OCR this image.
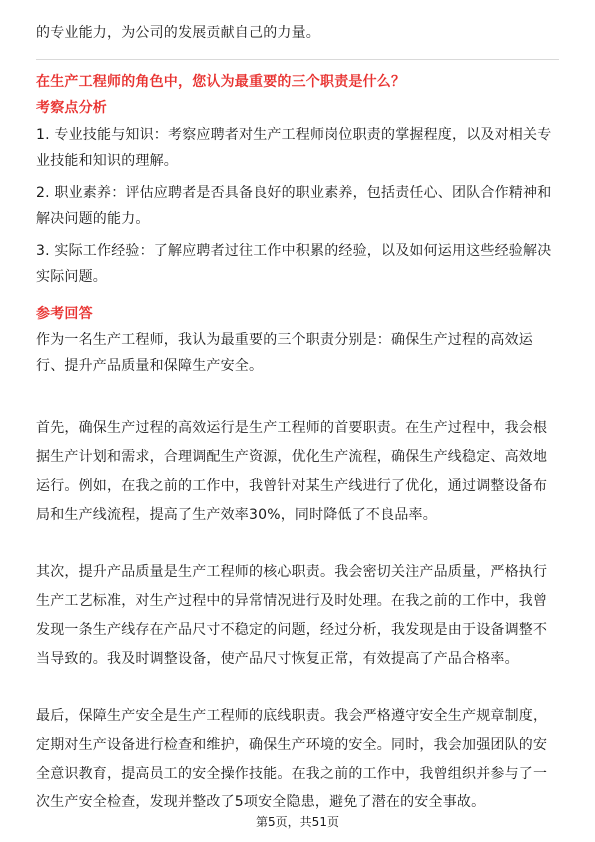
的专业能力，为公司的发展贡献自己的力量。
在生产工程师的角色中，您认为最重要的三个职责是什么？
考察点分析
1. 专业技能与知识：考察应聘者对生产工程师岗位职责的掌握程度，以及对相关专
业技能和知识的理解。
2. 职业素养：评估应聘者是否具备良好的职业素养，包括责任心、团队合作精神和
解决问题的能力。
3. 实际工作经验：了解应聘者过往工作中积累的经验，以及如何运用这些经验解决
实际问题。
参考回答
作为一名生产工程师，我认为最重要的三个职责分别是：确保生产过程的高效运
行、提升产品质量和保障生产安全。
首先，确保生产过程的高效运行是生产工程师的首要职责。在生产过程中，我会根
据生产计划和需求，合理调配生产资源，优化生产流程，确保生产线稳定、高效地
运行。例如，在我之前的工作中，我曾针对某生产线进行了优化，通过调整设备布
局和生产线流程，提高了生产效率30%，同时降低了不良品率。
其次，提升产品质量是生产工程师的核心职责。我会密切关注产品质量，严格执行
生产工艺标准，对生产过程中的异常情况进行及时处理。在我之前的工作中，我曾
发现一条生产线存在产品尺寸不稳定的问题，经过分析，我发现是由于设备调整不
当导致的。我及时调整设备，使产品尺寸恢复正常，有效提高了产品合格率。
最后，保障生产安全是生产工程师的底线职责。我会严格遵守安全生产规章制度，
定期对生产设备进行检查和维护，确保生产环境的安全。同时，我会加强团队的安
全意识教育，提高员工的安全操作技能。在我之前的工作中，我曾组织并参与了一
次生产安全检查，发现并整改了5项安全隐患，避免了潜在的安全事故。
第5页，共51页
